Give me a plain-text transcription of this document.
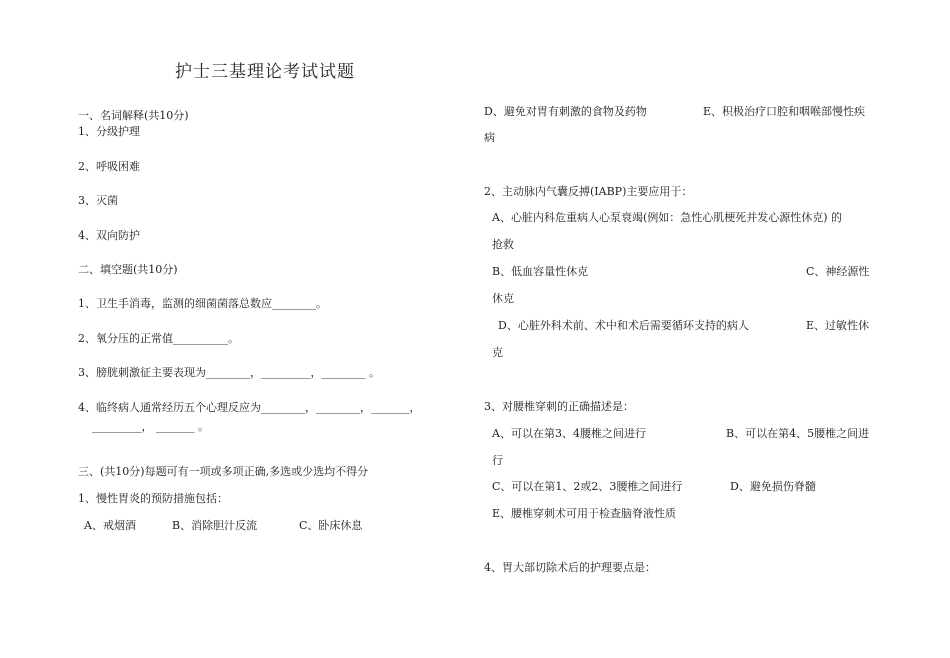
护士三基理论考试试题
一、名词解释(共10分)
1、分级护理
2、呼吸困难
3、灭菌
4、双向防护
二、填空题(共10分)
1、卫生手消毒，监测的细菌菌落总数应________。
2、氧分压的正常值__________。
3、膀胱刺激征主要表现为________，_________，________ 。
4、临终病人通常经历五个心理反应为________，________，_______，
_________， _______ 。
三、(共10分)每题可有一项或多项正确,多选或少选均不得分
1、慢性胃炎的预防措施包括：
A、戒烟酒	B、消除胆汁反流	C、卧床休息
D、避免对胃有刺激的食物及药物	E、积极治疗口腔和咽喉部慢性疾
病
2、主动脉内气囊反搏(IABP)主要应用于：
A、心脏内科危重病人心泵衰竭(例如：急性心肌梗死并发心源性休克) 的
抢救
B、低血容量性休克	C、神经源性
休克
D、心脏外科术前、术中和术后需要循环支持的病人	E、过敏性休
克
3、对腰椎穿刺的正确描述是：
A、可以在第3、4腰椎之间进行	B、可以在第4、5腰椎之间进
行
C、可以在第1、2或2、3腰椎之间进行	D、避免损伤脊髓
E、腰椎穿刺术可用于检查脑脊液性质
4、胃大部切除术后的护理要点是：
